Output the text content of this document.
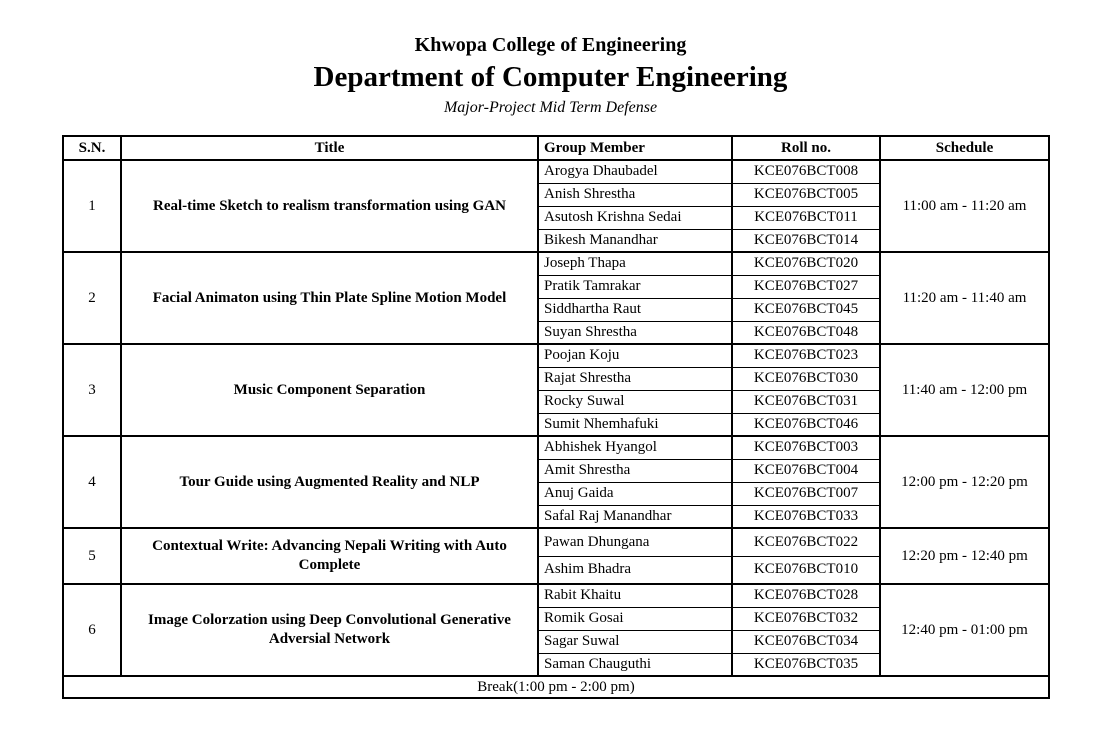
Khwopa College of Engineering
Department of Computer Engineering
Major-Project Mid Term Defense
S.N.	Title	Group Member	Roll no.	Schedule
1	Real-time Sketch to realism transformation using GAN	Arogya Dhaubadel	KCE076BCT008	11:00 am - 11:20 am
		Anish Shrestha	KCE076BCT005	
		Asutosh Krishna Sedai	KCE076BCT011	
		Bikesh Manandhar	KCE076BCT014	
2	Facial Animaton using Thin Plate Spline Motion Model	Joseph Thapa	KCE076BCT020	11:20 am - 11:40 am
		Pratik Tamrakar	KCE076BCT027	
		Siddhartha Raut	KCE076BCT045	
		Suyan Shrestha	KCE076BCT048	
3	Music Component Separation	Poojan Koju	KCE076BCT023	11:40 am - 12:00 pm
		Rajat Shrestha	KCE076BCT030	
		Rocky Suwal	KCE076BCT031	
		Sumit Nhemhafuki	KCE076BCT046	
4	Tour Guide using Augmented Reality and NLP	Abhishek Hyangol	KCE076BCT003	12:00 pm - 12:20 pm
		Amit Shrestha	KCE076BCT004	
		Anuj Gaida	KCE076BCT007	
		Safal Raj Manandhar	KCE076BCT033	
5	Contextual Write: Advancing Nepali Writing with Auto Complete	Pawan Dhungana	KCE076BCT022	12:20 pm - 12:40 pm
		Ashim Bhadra	KCE076BCT010	
6	Image Colorzation using Deep Convolutional Generative Adversial Network	Rabit Khaitu	KCE076BCT028	12:40 pm - 01:00 pm
		Romik Gosai	KCE076BCT032	
		Sagar Suwal	KCE076BCT034	
		Saman Chauguthi	KCE076BCT035	
Break(1:00 pm - 2:00 pm)				
